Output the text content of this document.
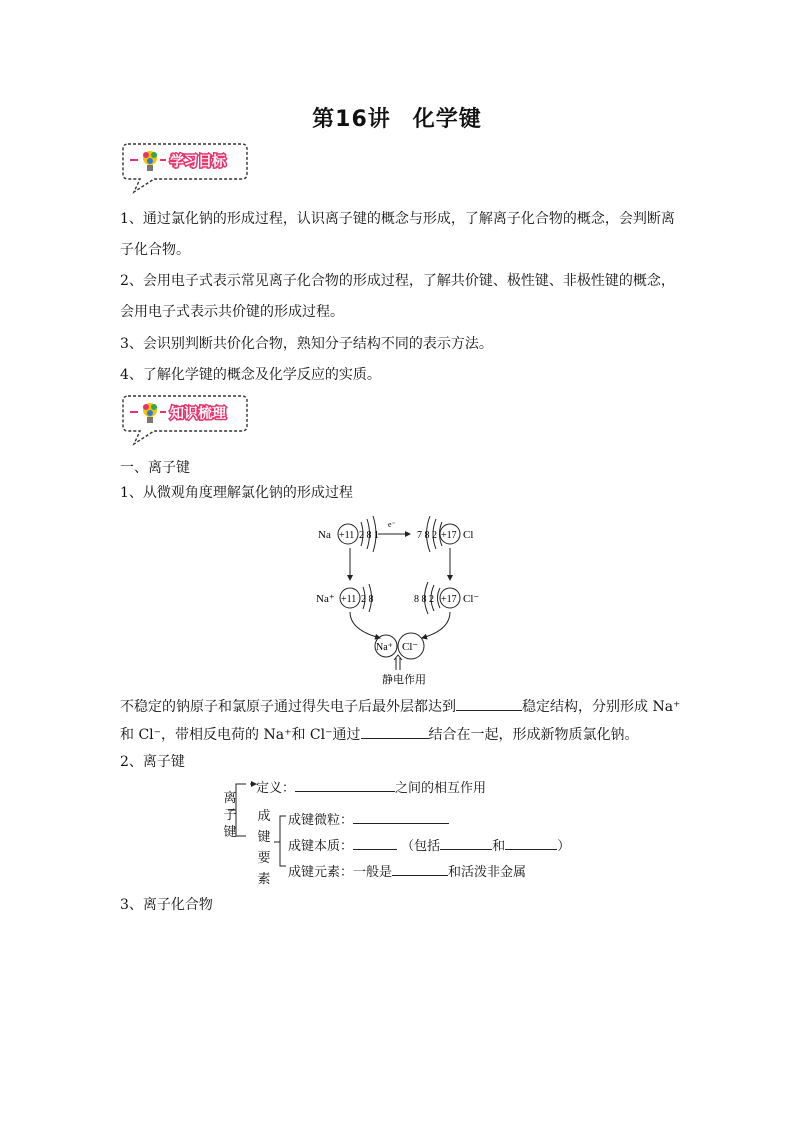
第16讲 化学键
学习目标
1、通过氯化钠的形成过程，认识离子键的概念与形成，了解离子化合物的概念，会判断离
子化合物。
2、会用电子式表示常见离子化合物的形成过程，了解共价键、极性键、非极性键的概念，
会用电子式表示共价键的形成过程。
3、会识别判断共价化合物，熟知分子结构不同的表示方法。
4、了解化学键的概念及化学反应的实质。
知识梳理
一、离子键
1、从微观角度理解氯化钠的形成过程
Na +11 2 8 1
e⁻
7 8 2 +17 Cl
Na⁺ +11 2 8	8 8 2 +17 Cl⁻
Na⁺ Cl⁻
静电作用
不稳定的钠原子和氯原子通过得失电子后最外层都达到	稳定结构，分别形成 Na⁺
和 Cl⁻，带相反电荷的 Na⁺和 Cl⁻通过	结合在一起，形成新物质氯化钠。
2、离子键
离
子
键
定义：	之间的相互作用
成
键
要
素
成键微粒：
成键本质：	（包括	和	）
成键元素：一般是	和活泼非金属
3、离子化合物
